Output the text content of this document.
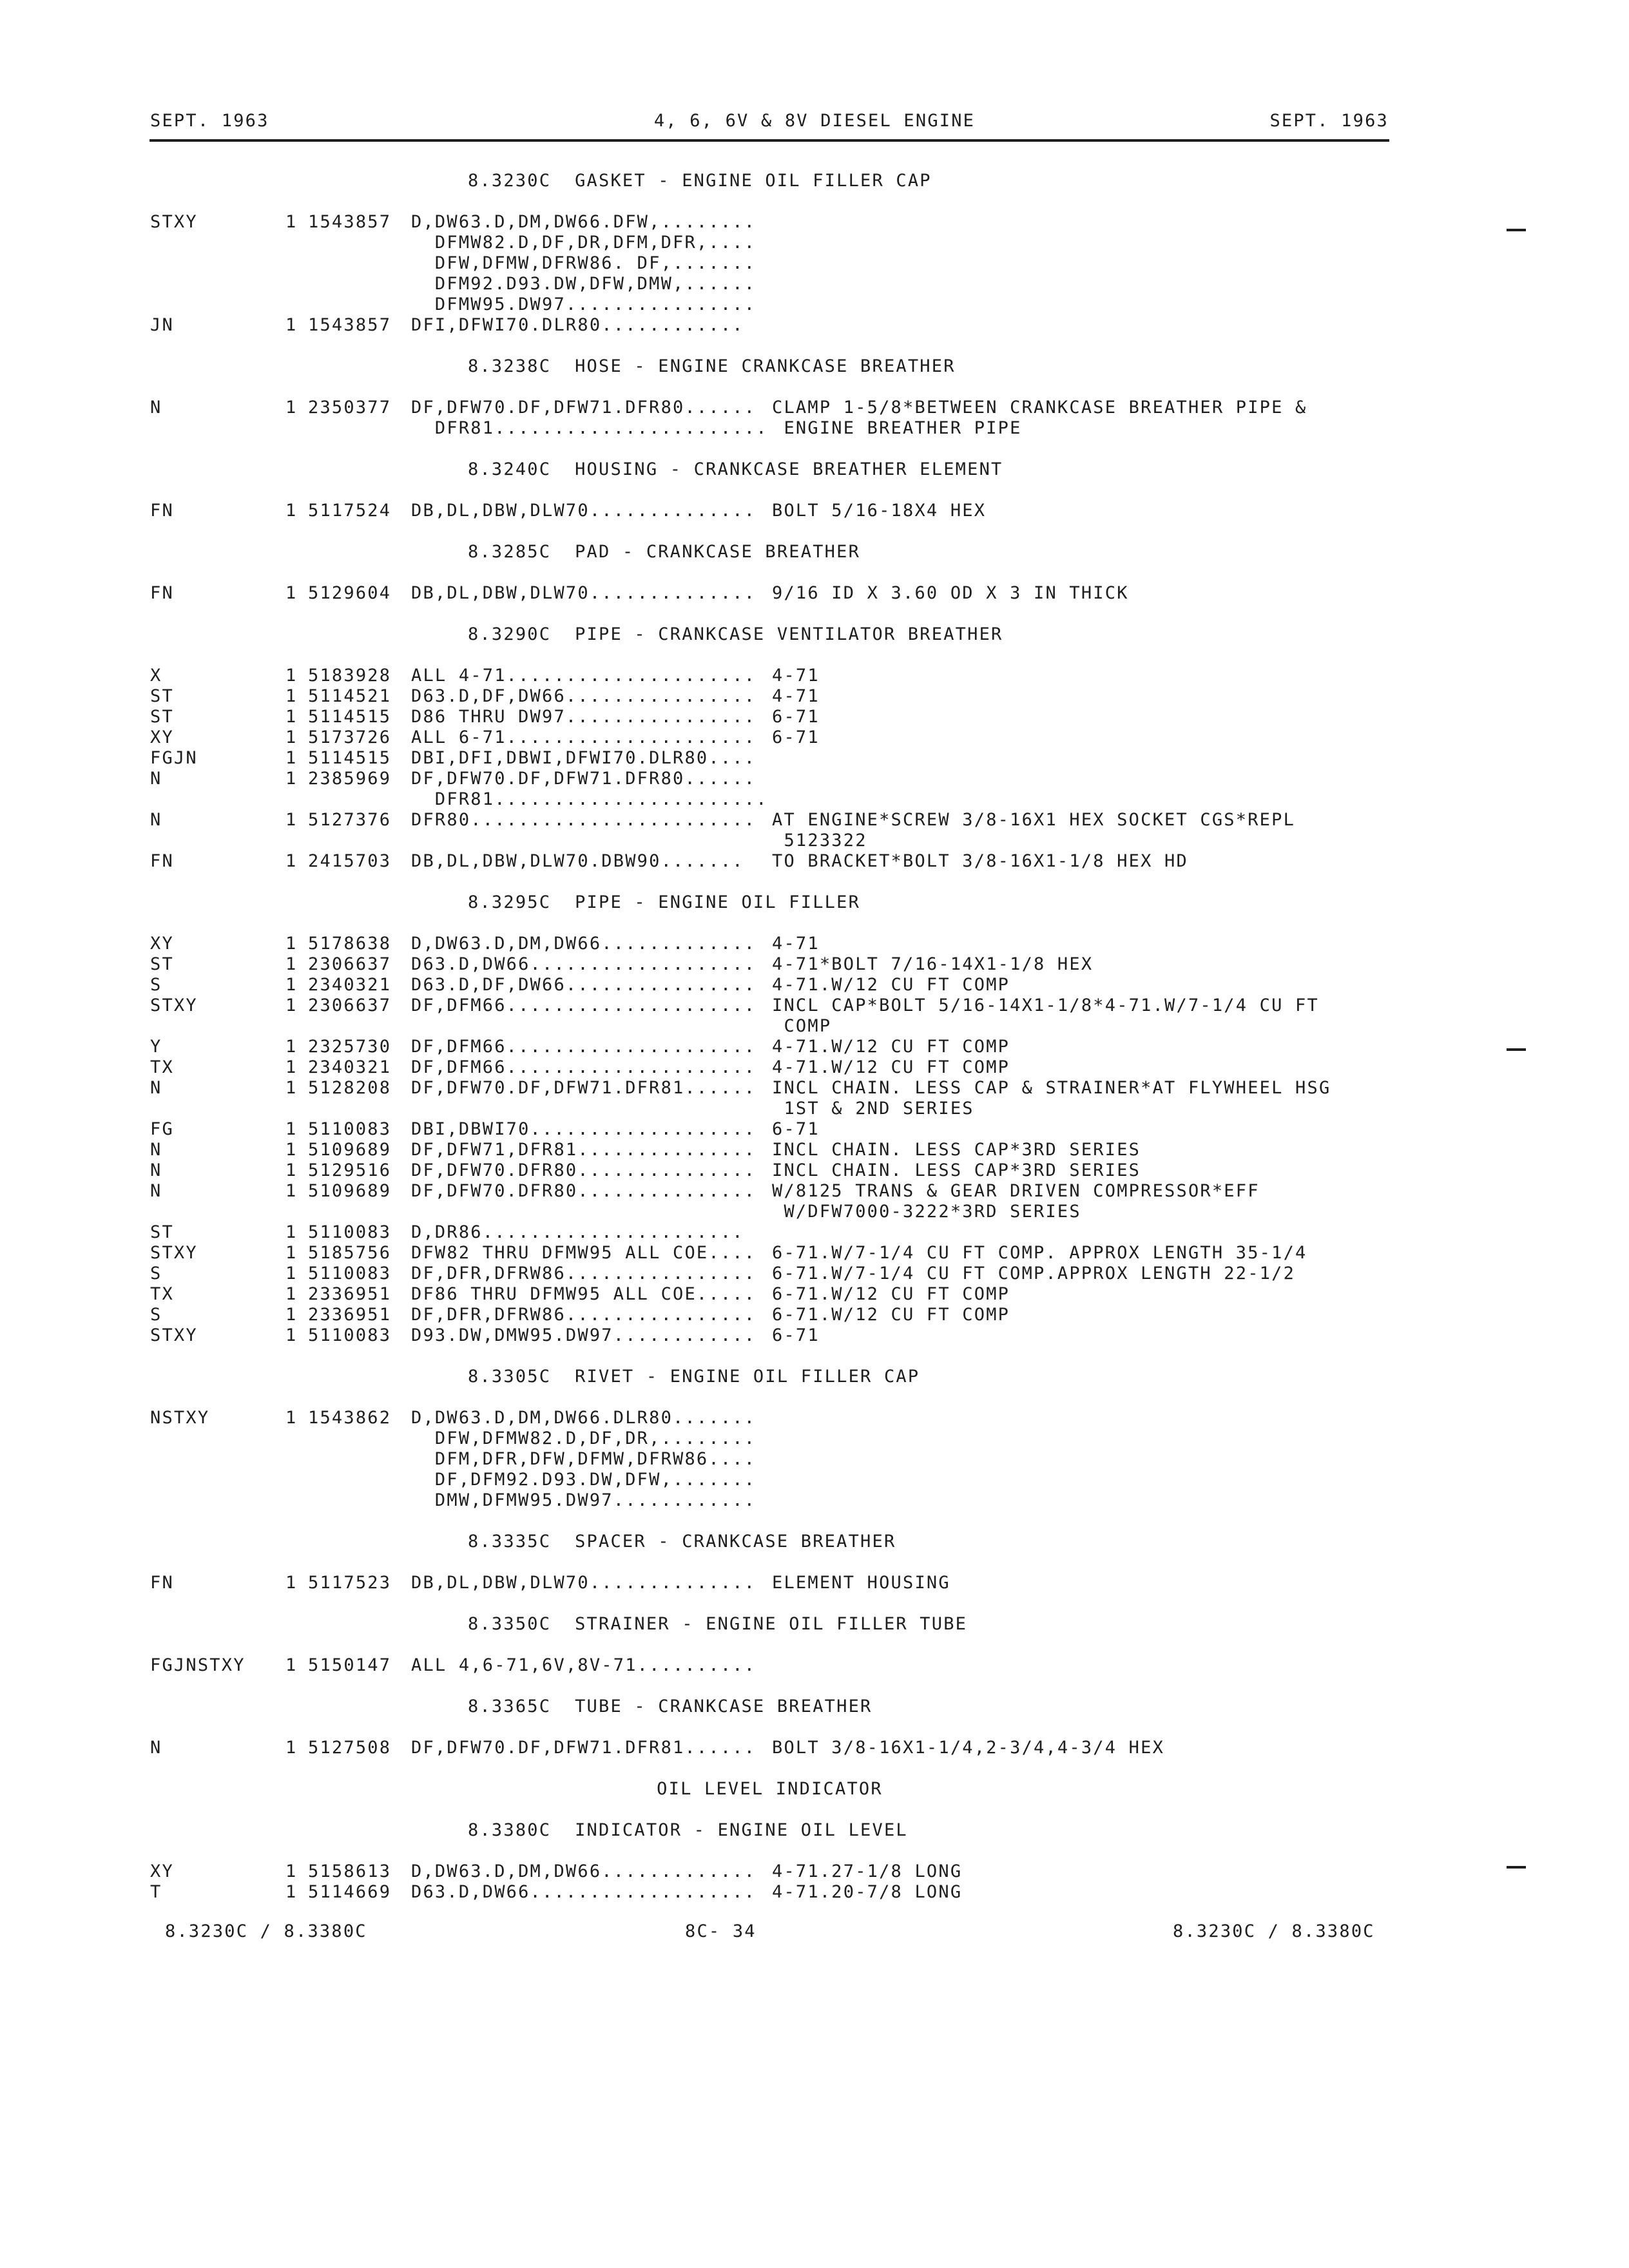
SEPT. 1963	4, 6, 6V & 8V DIESEL ENGINE	SEPT. 1963
8.3230C  GASKET - ENGINE OIL FILLER CAP
STXY	1 1543857 D,DW63.D,DM,DW66.DFW,........
DFMW82.D,DF,DR,DFM,DFR,....
DFW,DFMW,DFRW86. DF,.......
DFM92.D93.DW,DFW,DMW,......
DFMW95.DW97................
JN	1 1543857 DFI,DFWI70.DLR80............
8.3238C  HOSE - ENGINE CRANKCASE BREATHER
N	1 2350377 DF,DFW70.DF,DFW71.DFR80...... CLAMP 1-5/8*BETWEEN CRANKCASE BREATHER PIPE &
DFR81....................... ENGINE BREATHER PIPE
8.3240C  HOUSING - CRANKCASE BREATHER ELEMENT
FN	1 5117524 DB,DL,DBW,DLW70.............. BOLT 5/16-18X4 HEX
8.3285C  PAD - CRANKCASE BREATHER
FN	1 5129604 DB,DL,DBW,DLW70.............. 9/16 ID X 3.60 OD X 3 IN THICK
8.3290C  PIPE - CRANKCASE VENTILATOR BREATHER
X	1 5183928 ALL 4-71..................... 4-71
ST	1 5114521 D63.D,DF,DW66................ 4-71
ST	1 5114515 D86 THRU DW97................ 6-71
XY	1 5173726 ALL 6-71..................... 6-71
FGJN	1 5114515 DBI,DFI,DBWI,DFWI70.DLR80....
N	1 2385969 DF,DFW70.DF,DFW71.DFR80......
DFR81.......................
N	1 5127376 DFR80........................ AT ENGINE*SCREW 3/8-16X1 HEX SOCKET CGS*REPL
5123322
FN	1 2415703 DB,DL,DBW,DLW70.DBW90....... TO BRACKET*BOLT 3/8-16X1-1/8 HEX HD
8.3295C  PIPE - ENGINE OIL FILLER
XY	1 5178638 D,DW63.D,DM,DW66............. 4-71
ST	1 2306637 D63.D,DW66................... 4-71*BOLT 7/16-14X1-1/8 HEX
S	1 2340321 D63.D,DF,DW66................ 4-71.W/12 CU FT COMP
STXY	1 2306637 DF,DFM66..................... INCL CAP*BOLT 5/16-14X1-1/8*4-71.W/7-1/4 CU FT
COMP
Y	1 2325730 DF,DFM66..................... 4-71.W/12 CU FT COMP
TX	1 2340321 DF,DFM66..................... 4-71.W/12 CU FT COMP
N	1 5128208 DF,DFW70.DF,DFW71.DFR81...... INCL CHAIN. LESS CAP & STRAINER*AT FLYWHEEL HSG
1ST & 2ND SERIES
FG	1 5110083 DBI,DBWI70................... 6-71
N	1 5109689 DF,DFW71,DFR81............... INCL CHAIN. LESS CAP*3RD SERIES
N	1 5129516 DF,DFW70.DFR80............... INCL CHAIN. LESS CAP*3RD SERIES
N	1 5109689 DF,DFW70.DFR80............... W/8125 TRANS & GEAR DRIVEN COMPRESSOR*EFF
W/DFW7000-3222*3RD SERIES
ST	1 5110083 D,DR86......................
STXY	1 5185756 DFW82 THRU DFMW95 ALL COE.... 6-71.W/7-1/4 CU FT COMP. APPROX LENGTH 35-1/4
S	1 5110083 DF,DFR,DFRW86................ 6-71.W/7-1/4 CU FT COMP.APPROX LENGTH 22-1/2
TX	1 2336951 DF86 THRU DFMW95 ALL COE..... 6-71.W/12 CU FT COMP
S	1 2336951 DF,DFR,DFRW86................ 6-71.W/12 CU FT COMP
STXY	1 5110083 D93.DW,DMW95.DW97............ 6-71
8.3305C  RIVET - ENGINE OIL FILLER CAP
NSTXY	1 1543862 D,DW63.D,DM,DW66.DLR80.......
DFW,DFMW82.D,DF,DR,........
DFM,DFR,DFW,DFMW,DFRW86....
DF,DFM92.D93.DW,DFW,.......
DMW,DFMW95.DW97............
8.3335C  SPACER - CRANKCASE BREATHER
FN	1 5117523 DB,DL,DBW,DLW70.............. ELEMENT HOUSING
8.3350C  STRAINER - ENGINE OIL FILLER TUBE
FGJNSTXY 1 5150147 ALL 4,6-71,6V,8V-71..........
8.3365C  TUBE - CRANKCASE BREATHER
N	1 5127508 DF,DFW70.DF,DFW71.DFR81...... BOLT 3/8-16X1-1/4,2-3/4,4-3/4 HEX
OIL LEVEL INDICATOR
8.3380C  INDICATOR - ENGINE OIL LEVEL
XY	1 5158613 D,DW63.D,DM,DW66............. 4-71.27-1/8 LONG
T	1 5114669 D63.D,DW66................... 4-71.20-7/8 LONG
8.3230C / 8.3380C	8C- 34	8.3230C / 8.3380C
